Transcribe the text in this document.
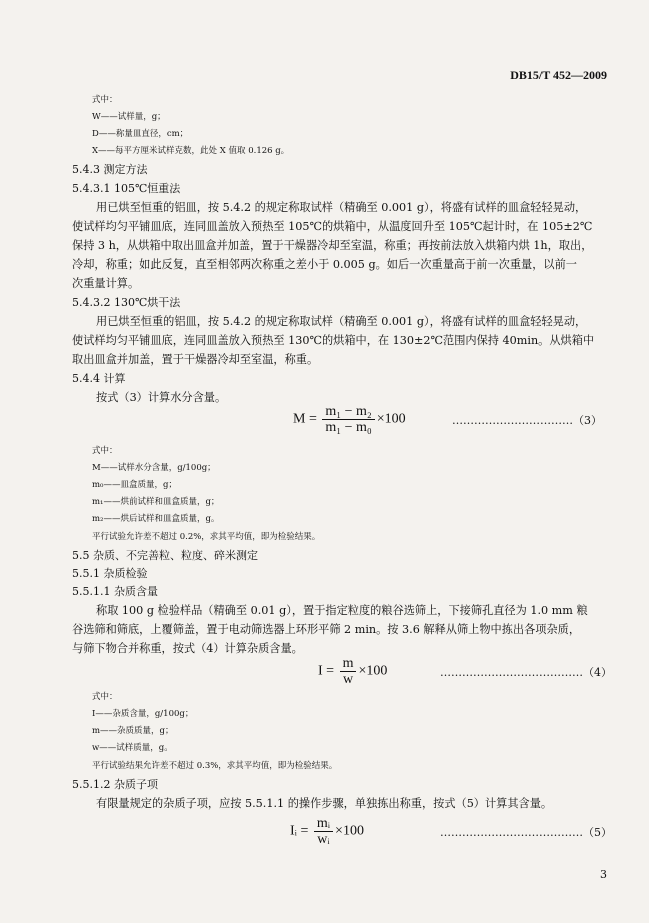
DB15/T 452—2009
式中：
W——试样量，g；
D——称量皿直径，cm；
X——每平方厘米试样克数，此处 X 值取 0.126 g。
5.4.3 测定方法
5.4.3.1 105℃恒重法
用已烘至恒重的铝皿，按 5.4.2 的规定称取试样（精确至 0.001 g），将盛有试样的皿盒轻轻晃动，
使试样均匀平铺皿底，连同皿盖放入预热至 105℃的烘箱中，从温度回升至 105℃起计时，在 105±2℃
保持 3 h，从烘箱中取出皿盒并加盖，置于干燥器冷却至室温，称重；再按前法放入烘箱内烘 1h，取出，
冷却，称重；如此反复，直至相邻两次称重之差小于 0.005 g。如后一次重量高于前一次重量，以前一
次重量计算。
5.4.3.2 130℃烘干法
用已烘至恒重的铝皿，按 5.4.2 的规定称取试样（精确至 0.001 g），将盛有试样的皿盒轻轻晃动，
使试样均匀平铺皿底，连同皿盖放入预热至 130℃的烘箱中，在 130±2℃范围内保持 40min。从烘箱中
取出皿盒并加盖，置于干燥器冷却至室温，称重。
5.4.4 计算
按式（3）计算水分含量。
$M = \frac{\text{m₁ − m₂}}{\text{m₁ − m₀}} \times 100$	……………………………（3）
式中：
M——试样水分含量，g/100g；
m₀——皿盒质量，g；
m₁——烘前试样和皿盒质量，g；
m₂——烘后试样和皿盒质量，g。
平行试验允许差不超过 0.2%，求其平均值，即为检验结果。
5.5 杂质、不完善粒、粒度、碎米测定
5.5.1 杂质检验
5.5.1.1 杂质含量
称取 100 g 检验样品（精确至 0.01 g），置于指定粒度的粮谷选筛上，下接筛孔直径为 1.0 mm 粮
谷选筛和筛底，上覆筛盖，置于电动筛选器上环形平筛 2 min。按 3.6 解释从筛上物中拣出各项杂质，
与筛下物合并称重，按式（4）计算杂质含量。
$I = \frac{m}{w} \times 100$	…………………………………（4）
式中：
I——杂质含量，g/100g；
m——杂质质量，g；
w——试样质量，g。
平行试验结果允许差不超过 0.3%，求其平均值，即为检验结果。
5.5.1.2 杂质子项
有限量规定的杂质子项，应按 5.5.1.1 的操作步骤，单独拣出称重，按式（5）计算其含量。
Iᵢ = $\frac{\text{mᵢ}}{\text{wᵢ}} \times 100$	…………………………………（5）
3
